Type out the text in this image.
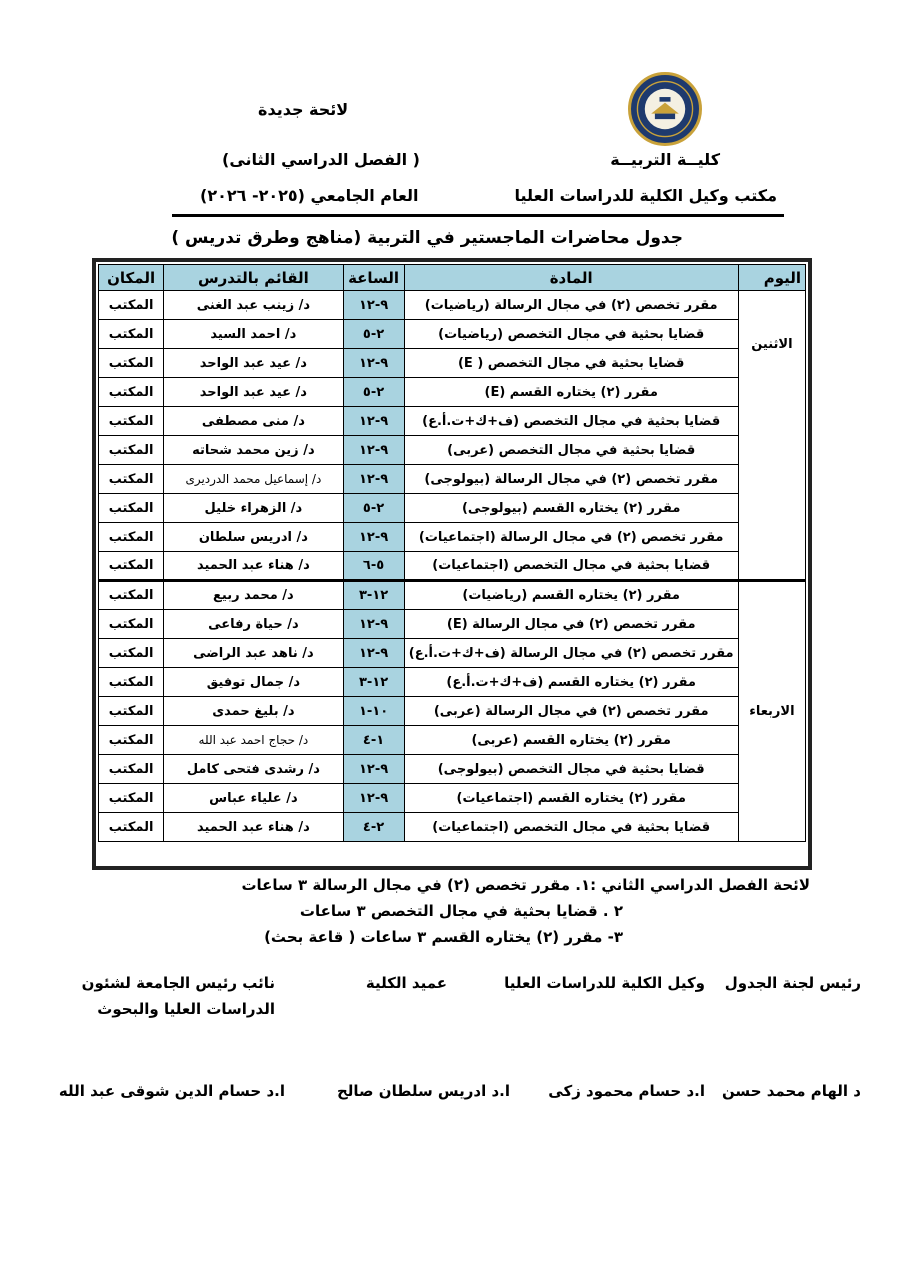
لائحة جديدة
كليــة التربيــة
( الفصل الدراسي الثانى)
مكتب وكيل الكلية للدراسات العليا
العام الجامعي (٢٠٢٥- ٢٠٢٦)
جدول محاضرات الماجستير في التربية (مناهج وطرق تدريس )
اليوم	المادة	الساعة	القائم بالتدرس	المكان
الاثنين	مقرر تخصص (٢) في مجال الرسالة (رياضيات)	٩-١٢	د/ زينب عبد الغنى	المكتب
	قضايا بحثية في مجال التخصص (رياضيات)	٢-٥	د/ احمد السيد	المكتب
	قضايا بحثية في مجال التخصص ( E)	٩-١٢	د/ عيد عبد الواحد	المكتب
	مقرر (٢) يختاره القسم (E)	٢-٥	د/ عيد عبد الواحد	المكتب
	قضايا بحثية في مجال التخصص (ف+ك+ت.أ.ع)	٩-١٢	د/ منى مصطفى	المكتب
	قضايا بحثية في مجال التخصص (عربى)	٩-١٢	د/ زين محمد شحاته	المكتب
	مقرر تخصص (٢) في مجال الرسالة (بيولوجى)	٩-١٢	د/ إسماعيل محمد الدرديرى	المكتب
	مقرر (٢) يختاره القسم (بيولوجى)	٢-٥	د/ الزهراء خليل	المكتب
	مقرر تخصص (٢) في مجال الرسالة (اجتماعيات)	٩-١٢	د/ ادريس سلطان	المكتب
	قضايا بحثية في مجال التخصص (اجتماعيات)	٥-٦	د/ هناء عبد الحميد	المكتب
الاربعاء	مقرر (٢) يختاره القسم (رياضيات)	١٢-٣	د/ محمد ربيع	المكتب
	مقرر تخصص (٢) في مجال الرسالة (E)	٩-١٢	د/ حياة رفاعى	المكتب
	مقرر تخصص (٢) في مجال الرسالة (ف+ك+ت.أ.ع)	٩-١٢	د/ ناهد عبد الراضى	المكتب
	مقرر (٢) يختاره القسم (ف+ك+ت.أ.ع)	١٢-٣	د/ جمال توفيق	المكتب
	مقرر تخصص (٢) في مجال الرسالة (عربى)	١٠-١	د/ بليغ حمدى	المكتب
	مقرر (٢) يختاره القسم (عربى)	١-٤	د/ حجاج احمد عبد الله	المكتب
	قضايا بحثية في مجال التخصص (بيولوجى)	٩-١٢	د/ رشدى فتحى كامل	المكتب
	مقرر (٢) يختاره القسم (اجتماعيات)	٩-١٢	د/ علياء عباس	المكتب
	قضايا بحثية في مجال التخصص (اجتماعيات)	٢-٤	د/ هناء عبد الحميد	المكتب
لائحة الفصل الدراسي الثاني :١. مقرر تخصص (٢) في مجال الرسالة ٣ ساعات
٢ . قضايا بحثية في مجال التخصص ٣ ساعات
٣- مقرر (٢) يختاره القسم ٣ ساعات ( قاعة بحث)
رئيس لجنة الجدول
وكيل الكلية للدراسات العليا
عميد الكلية
نائب رئيس الجامعة لشئون
الدراسات العليا والبحوث
د الهام محمد حسن
ا.د حسام محمود زكى
ا.د ادريس سلطان صالح
ا.د حسام الدين شوقى عبد الله
